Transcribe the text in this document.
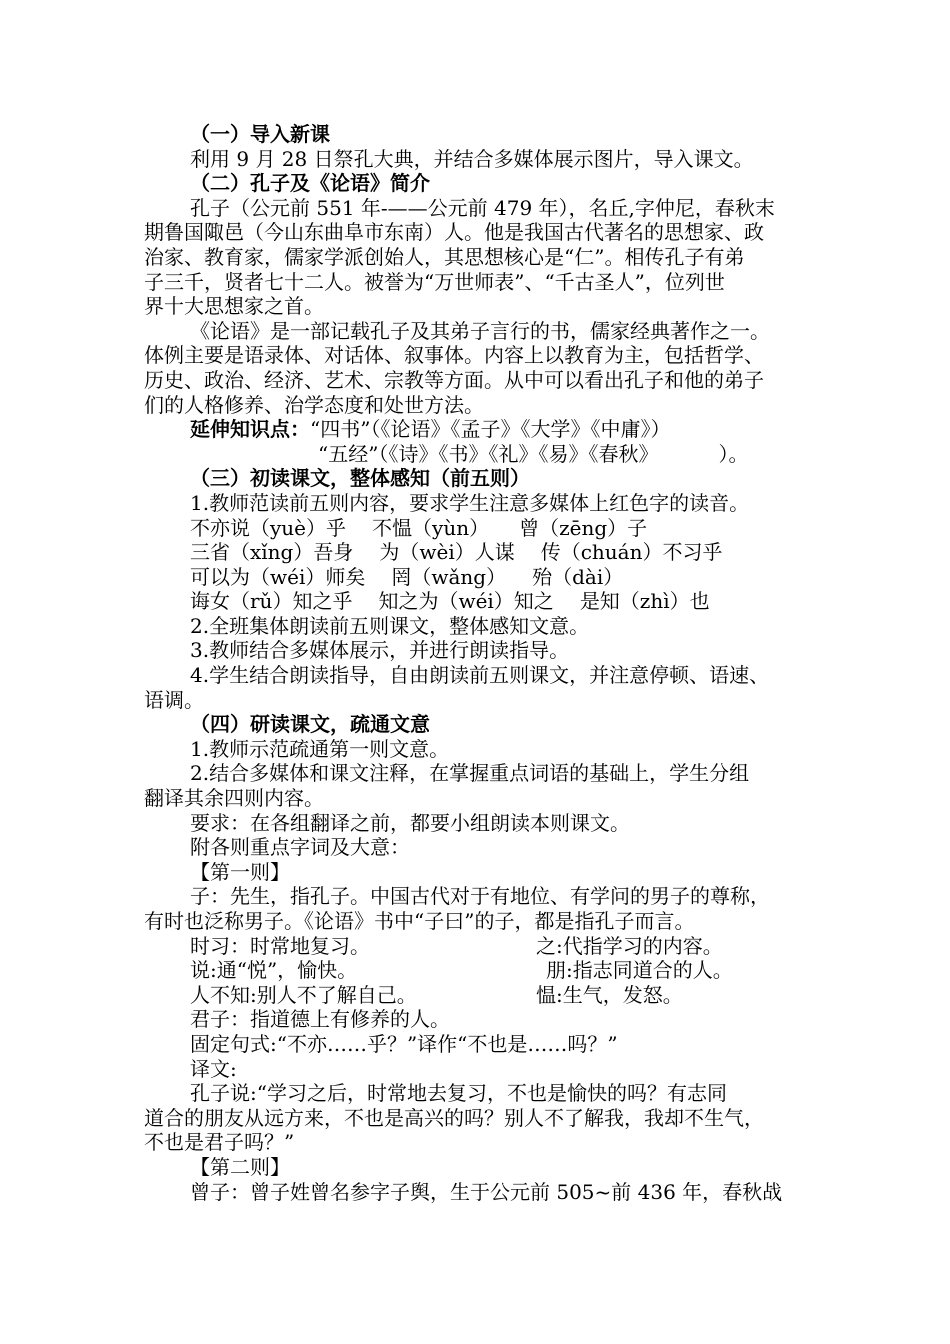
（一）导入新课
利用 9 月 28 日祭孔大典，并结合多媒体展示图片，导入课文。
（二）孔子及《论语》简介
孔子（公元前 551 年-——公元前 479 年），名丘,字仲尼，春秋末
期鲁国陬邑（今山东曲阜市东南）人。他是我国古代著名的思想家、政
治家、教育家，儒家学派创始人，其思想核心是“仁”。相传孔子有弟
子三千，贤者七十二人。被誉为“万世师表”、“千古圣人”，位列世
界十大思想家之首。
《论语》是一部记载孔子及其弟子言行的书，儒家经典著作之一。
体例主要是语录体、对话体、叙事体。内容上以教育为主，包括哲学、
历史、政治、经济、艺术、宗教等方面。从中可以看出孔子和他的弟子
们的人格修养、治学态度和处世方法。
延伸知识点：“四书”（《论语》《孟子》《大学》《中庸》）
“五经”（《诗》《书》《礼》《易》《春秋》	）。
（三）初读课文，整体感知（前五则）
1.教师范读前五则内容，要求学生注意多媒体上红色字的读音。
不亦说（yuè）乎 不愠（yùn） 曾（zēng）子
三省（xǐng）吾身 为（wèi）人谋 传（chuán）不习乎
可以为（wéi）师矣 罔（wǎng） 殆（dài）
诲女（rǔ）知之乎 知之为（wéi）知之 是知（zhì）也
2.全班集体朗读前五则课文，整体感知文意。
3.教师结合多媒体展示，并进行朗读指导。
4.学生结合朗读指导，自由朗读前五则课文，并注意停顿、语速、
语调。
（四）研读课文，疏通文意
1.教师示范疏通第一则文意。
2.结合多媒体和课文注释，在掌握重点词语的基础上，学生分组
翻译其余四则内容。
要求：在各组翻译之前，都要小组朗读本则课文。
附各则重点字词及大意：
【第一则】
子：先生，指孔子。中国古代对于有地位、有学问的男子的尊称，
有时也泛称男子。《论语》书中“子曰”的子，都是指孔子而言。
时习：时常地复习。	之:代指学习的内容。
说:通“悦”，愉快。	朋:指志同道合的人。
人不知:别人不了解自己。	愠:生气，发怒。
君子：指道德上有修养的人。
固定句式:“不亦……乎？”译作“不也是……吗？”
译文:
孔子说:“学习之后，时常地去复习，不也是愉快的吗？有志同
道合的朋友从远方来，不也是高兴的吗？别人不了解我，我却不生气，
不也是君子吗？”
【第二则】
曾子：曾子姓曾名参字子舆，生于公元前 505~前 436 年，春秋战
